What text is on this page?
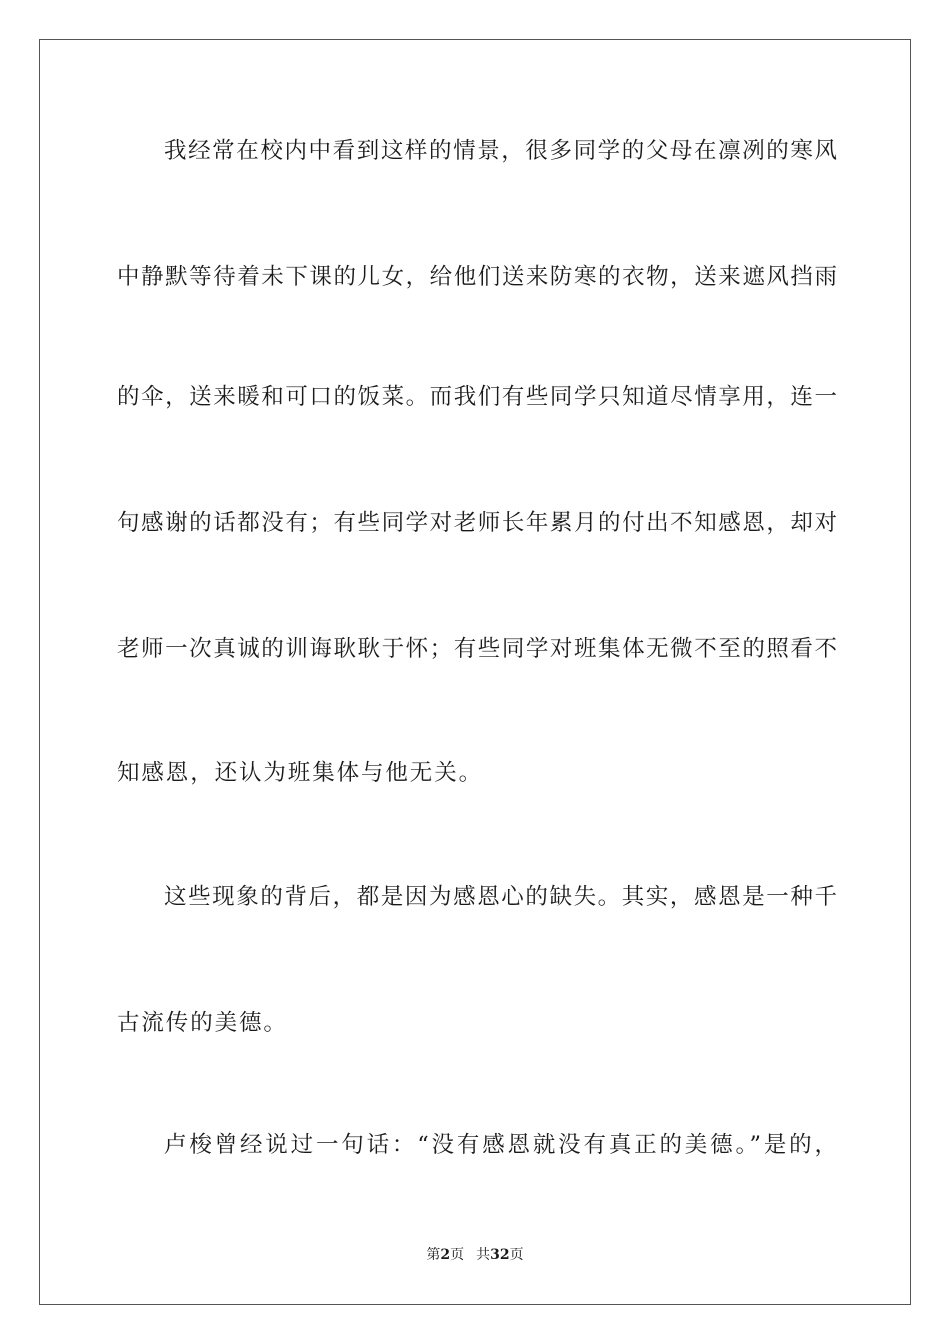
我经常在校内中看到这样的情景，很多同学的父母在凛冽的寒风
中静默等待着未下课的儿女，给他们送来防寒的衣物，送来遮风挡雨
的伞，送来暖和可口的饭菜。而我们有些同学只知道尽情享用，连一
句感谢的话都没有；有些同学对老师长年累月的付出不知感恩，却对
老师一次真诚的训诲耿耿于怀；有些同学对班集体无微不至的照看不
知感恩，还认为班集体与他无关。
这些现象的背后，都是因为感恩心的缺失。其实，感恩是一种千
古流传的美德。
卢梭曾经说过一句话：“没有感恩就没有真正的美德。”是的，
第2页 共32页
